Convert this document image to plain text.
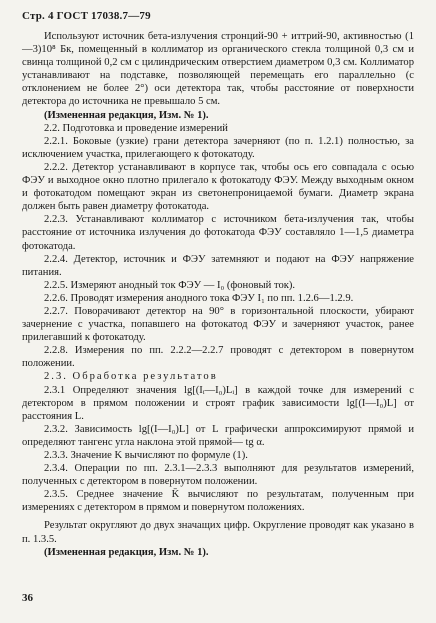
Стр. 4 ГОСТ 17038.7—79

Используют источник бета-излучения стронций-90 + иттрий-90, активностью (1—3)10⁸ Бк, помещенный в коллиматор из органического стекла толщиной 0,3 см и свинца толщиной 0,2 см с цилиндрическим отверстием диаметром 0,3 см. Коллиматор устанавливают на подставке, позволяющей перемещать его параллельно (с отклонением не более 2°) оси детектора так, чтобы расстояние от поверхности детектора до источника не превышало 5 см.

(Измененная редакция, Изм. № 1).

2.2. Подготовка и проведение измерений

2.2.1. Боковые (узкие) грани детектора зачерняют (по п. 1.2.1) полностью, за исключением участка, прилегающего к фотокатоду.

2.2.2. Детектор устанавливают в корпусе так, чтобы ось его совпадала с осью ФЭУ и выходное окно плотно прилегало к фотокатоду ФЭУ. Между выходным окном и фотокатодом помещают экран из светонепроницаемой бумаги. Диаметр экрана должен быть равен диаметру фотокатода.

2.2.3. Устанавливают коллиматор с источником бета-излучения так, чтобы расстояние от источника излучения до фотокатода ФЭУ составляло 1—1,5 диаметра фотокатода.

2.2.4. Детектор, источник и ФЭУ затемняют и подают на ФЭУ напряжение питания.

2.2.5. Измеряют анодный ток ФЭУ — I₀ (фоновый ток).

2.2.6. Проводят измерения анодного тока ФЭУ I₁ по пп. 1.2.6—1.2.9.

2.2.7. Поворачивают детектор на 90° в горизонтальной плоскости, убирают зачернение с участка, попавшего на фотокатод ФЭУ и зачерняют участок, ранее прилегавший к фотокатоду.

2.2.8. Измерения по пп. 2.2.2—2.2.7 проводят с детектором в повернутом положении.

2.3. Обработка результатов

2.3.1 Определяют значения lg[(Iᵢ—I₀)Lᵢ] в каждой точке для измерений с детектором в прямом положении и строят график зависимости lg[(I—I₀)L] от расстояния L.

2.3.2. Зависимость lg[(I—I₀)L] от L графически аппроксимируют прямой и определяют тангенс угла наклона этой прямой— tg α.

2.3.3. Значение K вычисляют по формуле (1).

2.3.4. Операции по пп. 2.3.1—2.3.3 выполняют для результатов измерений, полученных с детектором в повернутом положении.

2.3.5. Среднее значение K̄ вычисляют по результатам, полученным при измерениях с детектором в прямом и повернутом положениях.

Результат округляют до двух значащих цифр. Округление проводят как указано в п. 1.3.5.

(Измененная редакция, Изм. № 1).

36
